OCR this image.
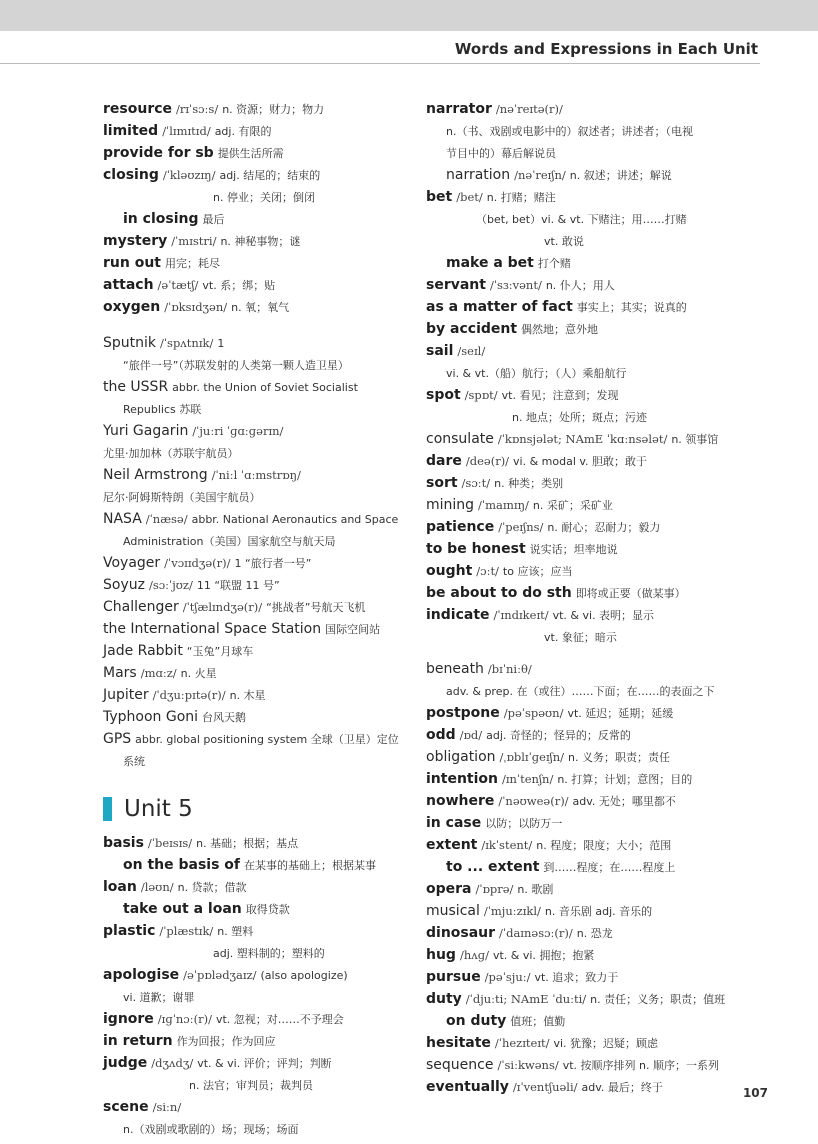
Words and Expressions in Each Unit
resource /rɪˈsɔːs/ n. 资源；财力；物力
limited /ˈlɪmɪtɪd/ adj. 有限的
provide for sb 提供生活所需
closing /ˈkləʊzɪŋ/ adj. 结尾的；结束的
n. 停业；关闭；倒闭
in closing 最后
mystery /ˈmɪstri/ n. 神秘事物；谜
run out 用完；耗尽
attach /əˈtætʃ/ vt. 系；绑；贴
oxygen /ˈɒksɪdʒən/ n. 氧；氧气
Sputnik /ˈspʌtnɪk/ 1
“旅伴一号”（苏联发射的人类第一颗人造卫星）
the USSR abbr. the Union of Soviet Socialist
Republics 苏联
Yuri Gagarin /ˈjuːri ˈɡɑːɡərɪn/
尤里·加加林（苏联宇航员）
Neil Armstrong /ˈniːl ˈɑːmstrɒŋ/
尼尔·阿姆斯特朗（美国宇航员）
NASA /ˈnæsə/ abbr. National Aeronautics and Space
Administration（美国）国家航空与航天局
Voyager /ˈvɔɪɪdʒə(r)/ 1 “旅行者一号”
Soyuz /sɔːˈjʊz/ 11 “联盟 11 号”
Challenger /ˈtʃælɪndʒə(r)/ “挑战者”号航天飞机
the International Space Station 国际空间站
Jade Rabbit “玉兔”月球车
Mars /mɑːz/ n. 火星
Jupiter /ˈdʒuːpɪtə(r)/ n. 木星
Typhoon Goni 台风天鹅
GPS abbr. global positioning system 全球（卫星）定位
系统
Unit 5
basis /ˈbeɪsɪs/ n. 基础；根据；基点
on the basis of 在某事的基础上；根据某事
loan /ləʊn/ n. 贷款；借款
take out a loan 取得贷款
plastic /ˈplæstɪk/ n. 塑料
adj. 塑料制的；塑料的
apologise /əˈpɒlədʒaɪz/ (also apologize)
vi. 道歉；谢罪
ignore /ɪɡˈnɔː(r)/ vt. 忽视；对……不予理会
in return 作为回报；作为回应
judge /dʒʌdʒ/ vt. & vi. 评价；评判；判断
n. 法官；审判员；裁判员
scene /siːn/
n.（戏剧或歌剧的）场；现场；场面
narrator /nəˈreɪtə(r)/
n.（书、戏剧或电影中的）叙述者；讲述者；（电视
节目中的）幕后解说员
narration /nəˈreɪʃn/ n. 叙述；讲述；解说
bet /bet/ n. 打赌；赌注
（bet, bet）vi. & vt. 下赌注；用……打赌
vt. 敢说
make a bet 打个赌
servant /ˈsɜːvənt/ n. 仆人；用人
as a matter of fact 事实上；其实；说真的
by accident 偶然地；意外地
sail /seɪl/
vi. & vt.（船）航行；（人）乘船航行
spot /spɒt/ vt. 看见；注意到；发现
n. 地点；处所；斑点；污迹
consulate /ˈkɒnsjələt; NAmE ˈkɑːnsələt/ n. 领事馆
dare /deə(r)/ vi. & modal v. 胆敢；敢于
sort /sɔːt/ n. 种类；类别
mining /ˈmaɪnɪŋ/ n. 采矿；采矿业
patience /ˈpeɪʃns/ n. 耐心；忍耐力；毅力
to be honest 说实话；坦率地说
ought /ɔːt/ to 应该；应当
be about to do sth 即将或正要（做某事）
indicate /ˈɪndɪkeɪt/ vt. & vi. 表明；显示
vt. 象征；暗示
beneath /bɪˈniːθ/
adv. & prep. 在（或往）……下面；在……的表面之下
postpone /pəˈspəʊn/ vt. 延迟；延期；延缓
odd /ɒd/ adj. 奇怪的；怪异的；反常的
obligation /ˌɒblɪˈɡeɪʃn/ n. 义务；职责；责任
intention /ɪnˈtenʃn/ n. 打算；计划；意图；目的
nowhere /ˈnəʊweə(r)/ adv. 无处；哪里都不
in case 以防；以防万一
extent /ɪkˈstent/ n. 程度；限度；大小；范围
to ... extent 到……程度；在……程度上
opera /ˈɒprə/ n. 歌剧
musical /ˈmjuːzɪkl/ n. 音乐剧 adj. 音乐的
dinosaur /ˈdaɪnəsɔː(r)/ n. 恐龙
hug /hʌɡ/ vt. & vi. 拥抱；抱紧
pursue /pəˈsjuː/ vt. 追求；致力于
duty /ˈdjuːti; NAmE ˈduːti/ n. 责任；义务；职责；值班
on duty 值班；值勤
hesitate /ˈhezɪteɪt/ vi. 犹豫；迟疑；顾虑
sequence /ˈsiːkwəns/ vt. 按顺序排列 n. 顺序；一系列
eventually /ɪˈventʃuəli/ adv. 最后；终于	107
